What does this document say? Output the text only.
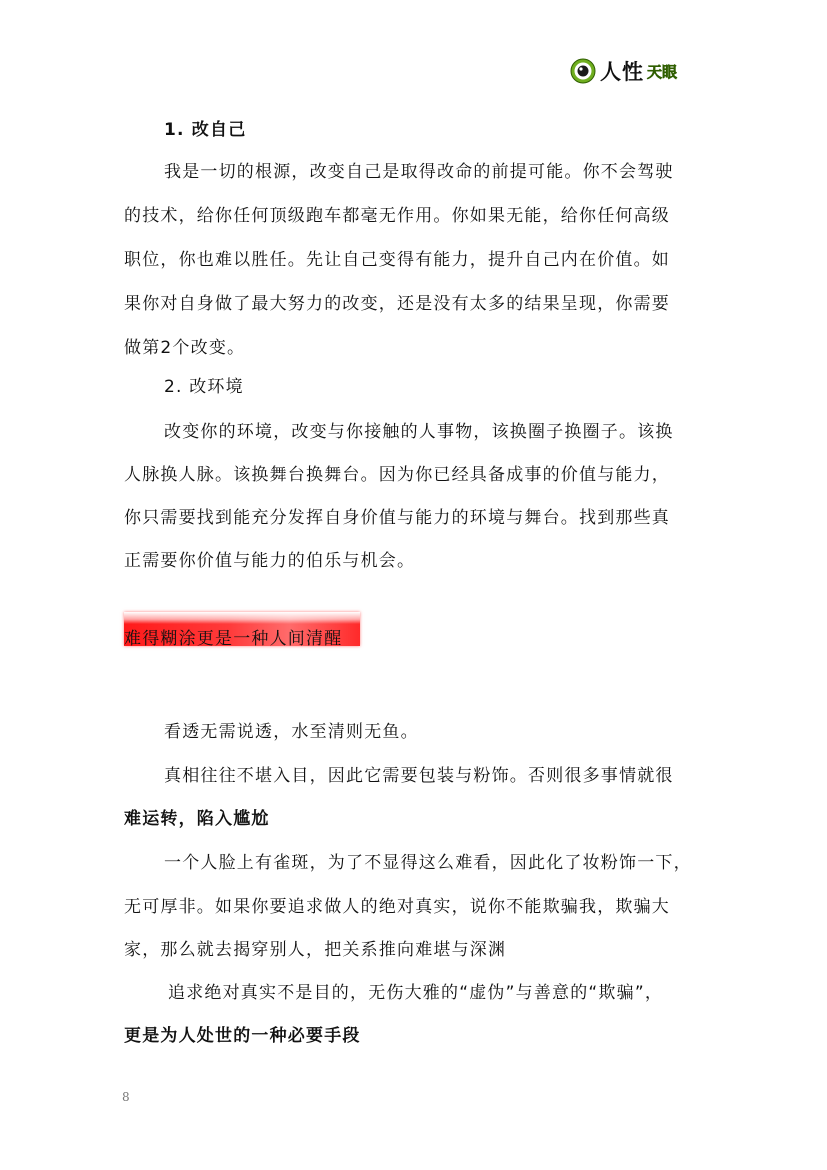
人性 天眼
1. 改自己
我是一切的根源，改变自己是取得改命的前提可能。你不会驾驶
的技术，给你任何顶级跑车都毫无作用。你如果无能，给你任何高级
职位，你也难以胜任。先让自己变得有能力，提升自己内在价值。如
果你对自身做了最大努力的改变，还是没有太多的结果呈现，你需要
做第2个改变。
2. 改环境
改变你的环境，改变与你接触的人事物，该换圈子换圈子。该换
人脉换人脉。该换舞台换舞台。因为你已经具备成事的价值与能力，
你只需要找到能充分发挥自身价值与能力的环境与舞台。找到那些真
正需要你价值与能力的伯乐与机会。
难得糊涂更是一种人间清醒
看透无需说透，水至清则无鱼。
真相往往不堪入目，因此它需要包装与粉饰。否则很多事情就很
难运转，陷入尴尬
一个人脸上有雀斑，为了不显得这么难看，因此化了妆粉饰一下，
无可厚非。如果你要追求做人的绝对真实，说你不能欺骗我，欺骗大
家，那么就去揭穿别人，把关系推向难堪与深渊
追求绝对真实不是目的，无伤大雅的“虚伪”与善意的“欺骗”，
更是为人处世的一种必要手段
8
